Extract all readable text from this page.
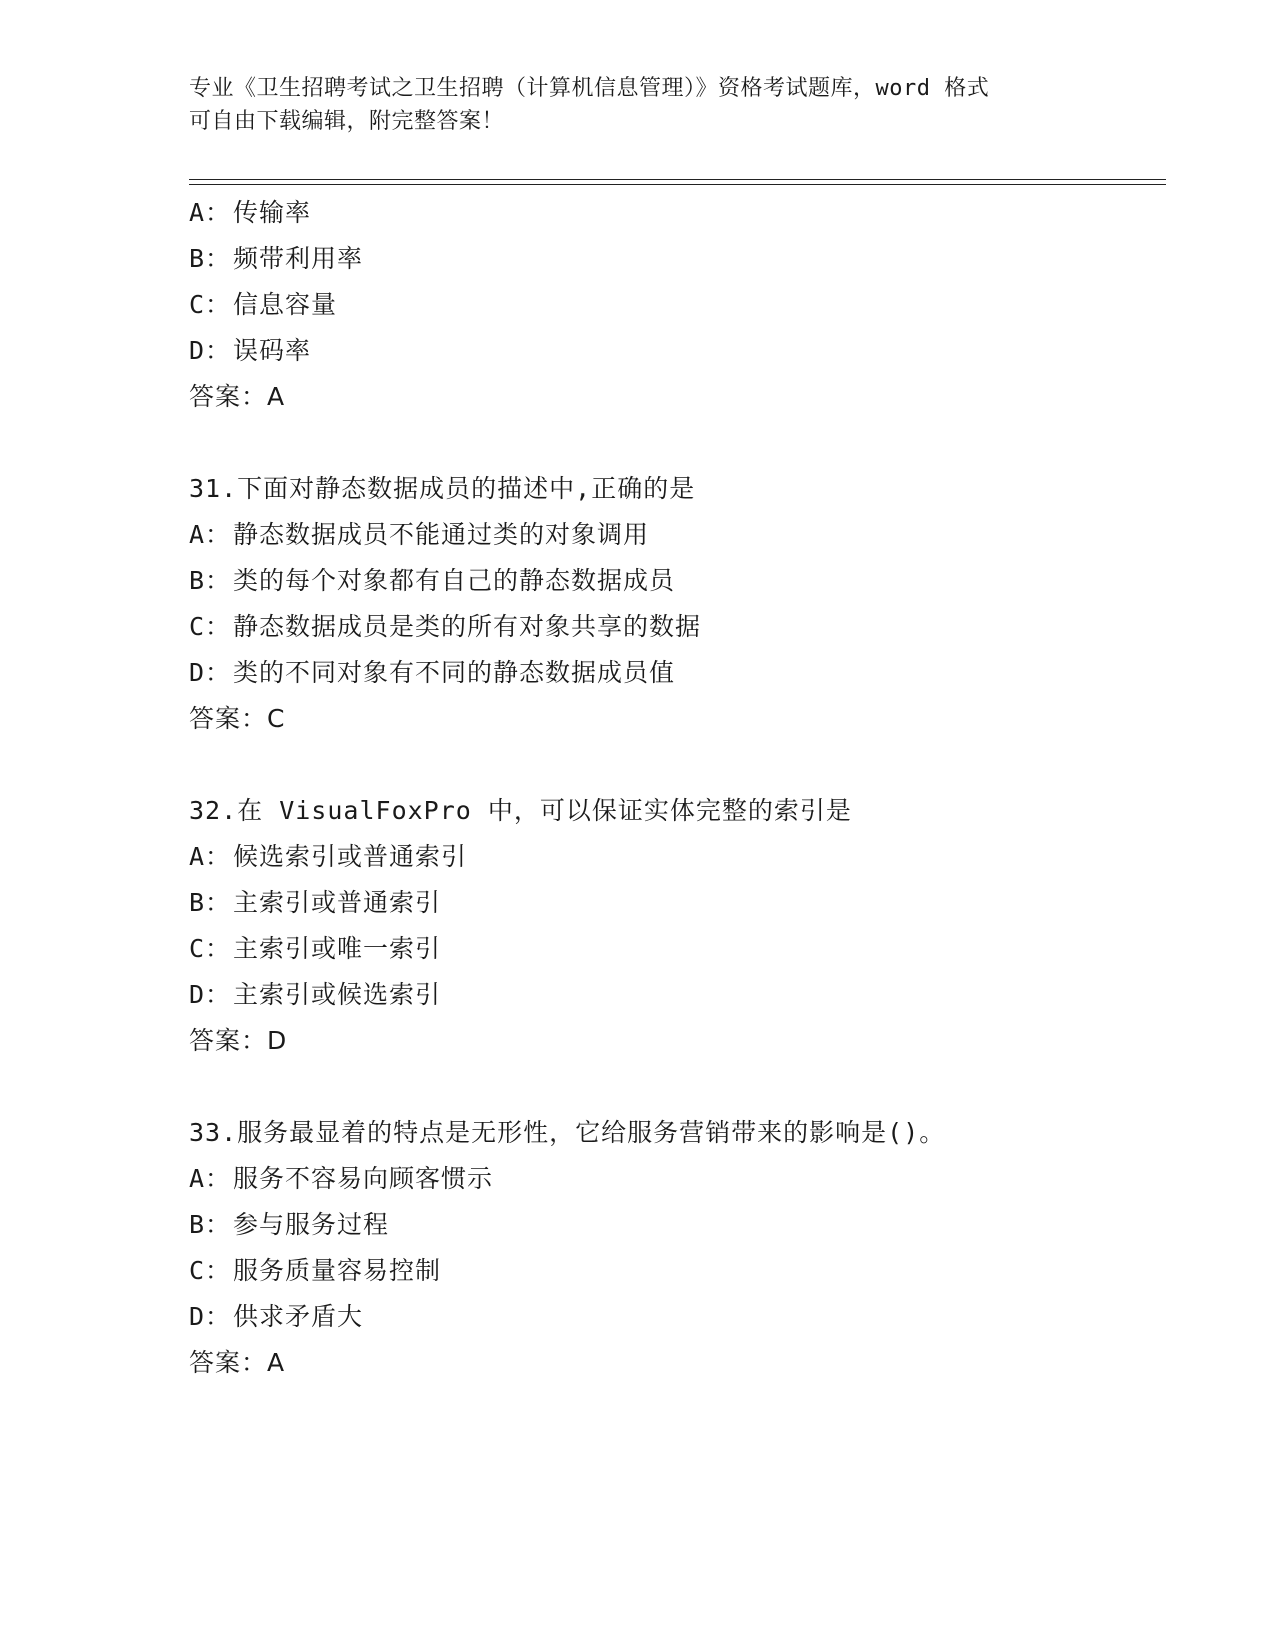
专业《卫生招聘考试之卫生招聘（计算机信息管理）》资格考试题库，word 格式
可自由下载编辑，附完整答案！
A：传输率
B：频带利用率
C：信息容量
D：误码率
答案：A
31.下面对静态数据成员的描述中,正确的是
A：静态数据成员不能通过类的对象调用
B：类的每个对象都有自己的静态数据成员
C：静态数据成员是类的所有对象共享的数据
D：类的不同对象有不同的静态数据成员值
答案：C
32.在 VisualFoxPro 中，可以保证实体完整的索引是
A：候选索引或普通索引
B：主索引或普通索引
C：主索引或唯一索引
D：主索引或候选索引
答案：D
33.服务最显着的特点是无形性，它给服务营销带来的影响是()。
A：服务不容易向顾客惯示
B：参与服务过程
C：服务质量容易控制
D：供求矛盾大
答案：A
